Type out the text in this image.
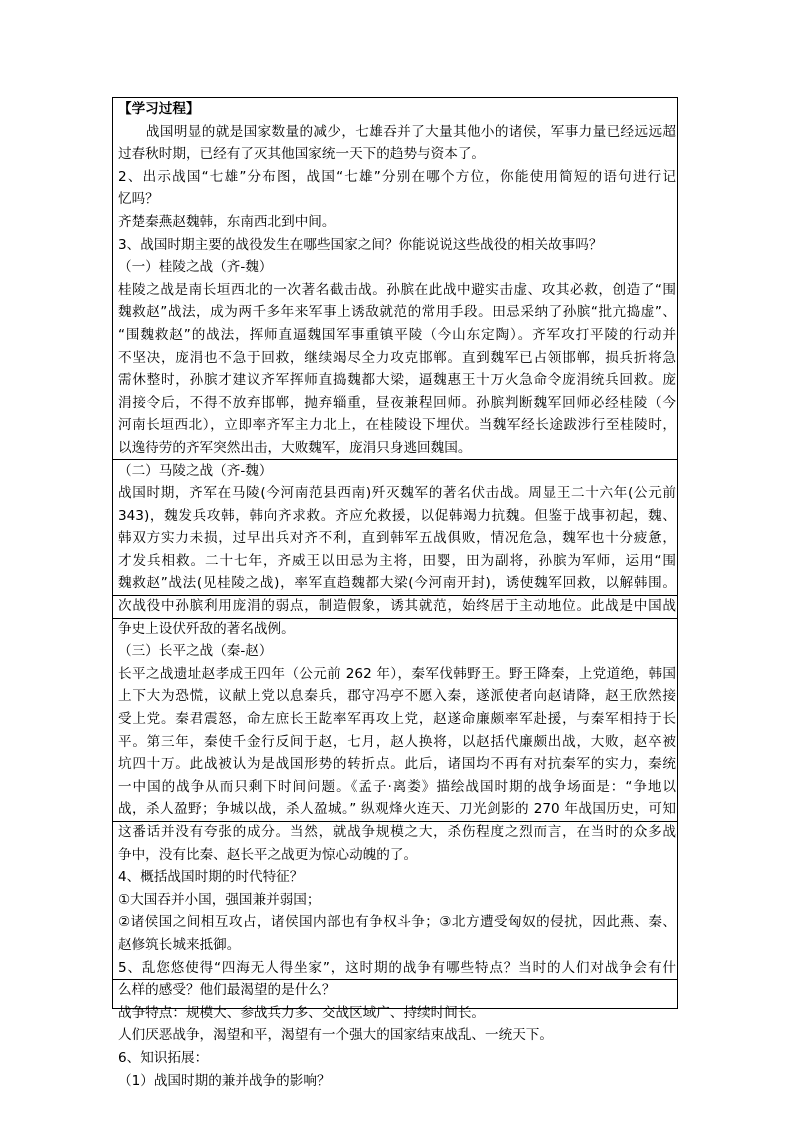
【学习过程】
　　战国明显的就是国家数量的减少，七雄吞并了大量其他小的诸侯，军事力量已经远远超
过春秋时期，已经有了灭其他国家统一天下的趋势与资本了。
2、出示战国“七雄”分布图，战国“七雄”分别在哪个方位，你能使用简短的语句进行记
忆吗？
齐楚秦燕赵魏韩，东南西北到中间。
3、战国时期主要的战役发生在哪些国家之间？你能说说这些战役的相关故事吗？
（一）桂陵之战（齐-魏）
桂陵之战是南长垣西北的一次著名截击战。孙膑在此战中避实击虚、攻其必救，创造了“围
魏救赵”战法，成为两千多年来军事上诱敌就范的常用手段。田忌采纳了孙膑“批亢捣虚”、
“围魏救赵”的战法，挥师直逼魏国军事重镇平陵（今山东定陶）。齐军攻打平陵的行动并
不坚决，庞涓也不急于回救，继续竭尽全力攻克邯郸。直到魏军已占领邯郸，损兵折将急
需休整时，孙膑才建议齐军挥师直捣魏都大梁，逼魏惠王十万火急命令庞涓统兵回救。庞
涓接令后，不得不放弃邯郸，抛弃辎重，昼夜兼程回师。孙膑判断魏军回师必经桂陵（今
河南长垣西北），立即率齐军主力北上，在桂陵设下埋伏。当魏军经长途跋涉行至桂陵时，
以逸待劳的齐军突然出击，大败魏军，庞涓只身逃回魏国。
（二）马陵之战（齐-魏）
战国时期，齐军在马陵(今河南范县西南)歼灭魏军的著名伏击战。周显王二十六年(公元前
343)，魏发兵攻韩，韩向齐求救。齐应允救援，以促韩竭力抗魏。但鉴于战事初起，魏、
韩双方实力未损，过早出兵对齐不利，直到韩军五战俱败，情况危急，魏军也十分疲惫，
才发兵相救。二十七年，齐威王以田忌为主将，田婴，田为副将，孙膑为军师，运用“围
魏救赵”战法(见桂陵之战)，率军直趋魏都大梁(今河南开封)，诱使魏军回救，以解韩围。
次战役中孙膑利用庞涓的弱点，制造假象，诱其就范，始终居于主动地位。此战是中国战
争史上设伏歼敌的著名战例。
（三）长平之战（秦-赵）
长平之战遗址赵孝成王四年（公元前 262 年），秦军伐韩野王。野王降秦，上党道绝，韩国
上下大为恐慌，议献上党以息秦兵，郡守冯亭不愿入秦，遂派使者向赵请降，赵王欣然接
受上党。秦君震怒，命左庶长王龁率军再攻上党，赵遂命廉颇率军赴援，与秦军相持于长
平。第三年，秦使千金行反间于赵，七月，赵人换将，以赵括代廉颇出战，大败，赵卒被
坑四十万。此战被认为是战国形势的转折点。此后，诸国均不再有对抗秦军的实力，秦统
一中国的战争从而只剩下时间问题。《孟子·离娄》描绘战国时期的战争场面是：“争地以
战，杀人盈野；争城以战，杀人盈城。” 纵观烽火连天、刀光剑影的 270 年战国历史，可知
这番话并没有夸张的成分。当然，就战争规模之大，杀伤程度之烈而言，在当时的众多战
争中，没有比秦、赵长平之战更为惊心动魄的了。
4、概括战国时期的时代特征？
①大国吞并小国，强国兼并弱国；
②诸侯国之间相互攻占，诸侯国内部也有争权斗争；③北方遭受匈奴的侵扰，因此燕、秦、
赵修筑长城来抵御。
5、乱您悠使得“四海无人得坐家”，这时期的战争有哪些特点？当时的人们对战争会有什
么样的感受？他们最渴望的是什么？
战争特点：规模大、参战兵力多、交战区域广、持续时间长。
人们厌恶战争，渴望和平，渴望有一个强大的国家结束战乱、一统天下。
6、知识拓展：
（1）战国时期的兼并战争的影响？
